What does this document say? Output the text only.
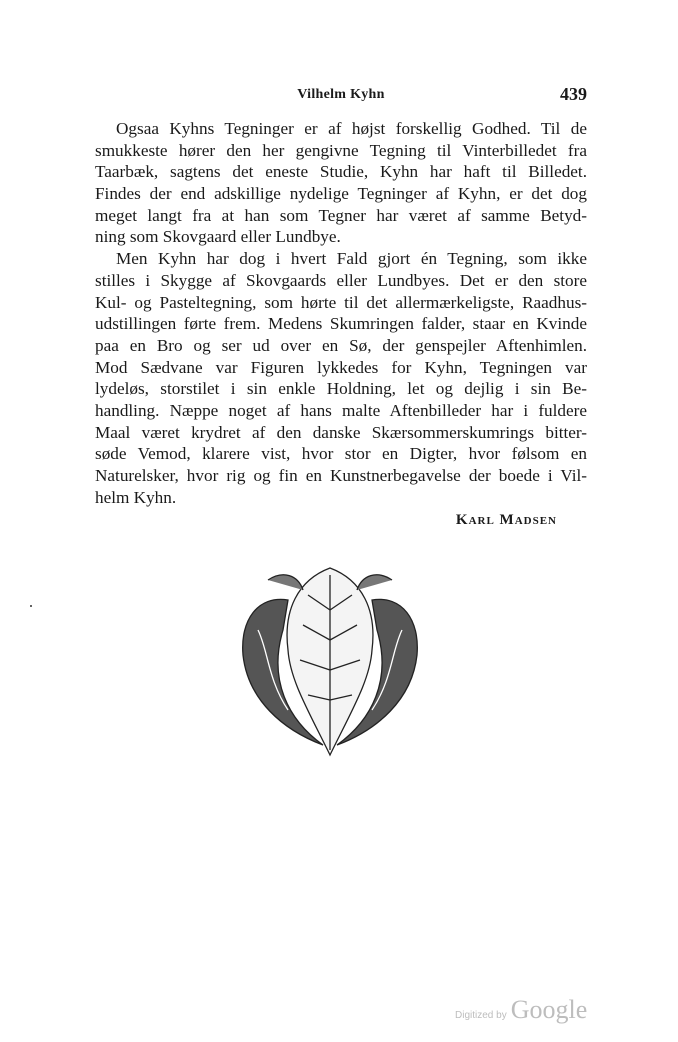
Vilhelm Kyhn	439
Ogsaa Kyhns Tegninger er af højst forskellig Godhed. Til de
smukkeste hører den her gengivne Tegning til Vinterbilledet fra
Taarbæk, sagtens det eneste Studie, Kyhn har haft til Billedet.
Findes der end adskillige nydelige Tegninger af Kyhn, er det dog
meget langt fra at han som Tegner har været af samme Betyd-
ning som Skovgaard eller Lundbye.
Men Kyhn har dog i hvert Fald gjort én Tegning, som ikke
stilles i Skygge af Skovgaards eller Lundbyes. Det er den store
Kul- og Pasteltegning, som hørte til det allermærkeligste, Raadhus-
udstillingen førte frem. Medens Skumringen falder, staar en Kvinde
paa en Bro og ser ud over en Sø, der genspejler Aftenhimlen.
Mod Sædvane var Figuren lykkedes for Kyhn, Tegningen var
lydeløs, storstilet i sin enkle Holdning, let og dejlig i sin Be-
handling. Næppe noget af hans malte Aftenbilleder har i fuldere
Maal været krydret af den danske Skærsommerskumrings bitter-
søde Vemod, klarere vist, hvor stor en Digter, hvor følsom en
Naturelsker, hvor rig og fin en Kunstnerbegavelse der boede i Vil-
helm Kyhn.
Karl Madsen
Digitized by Google
